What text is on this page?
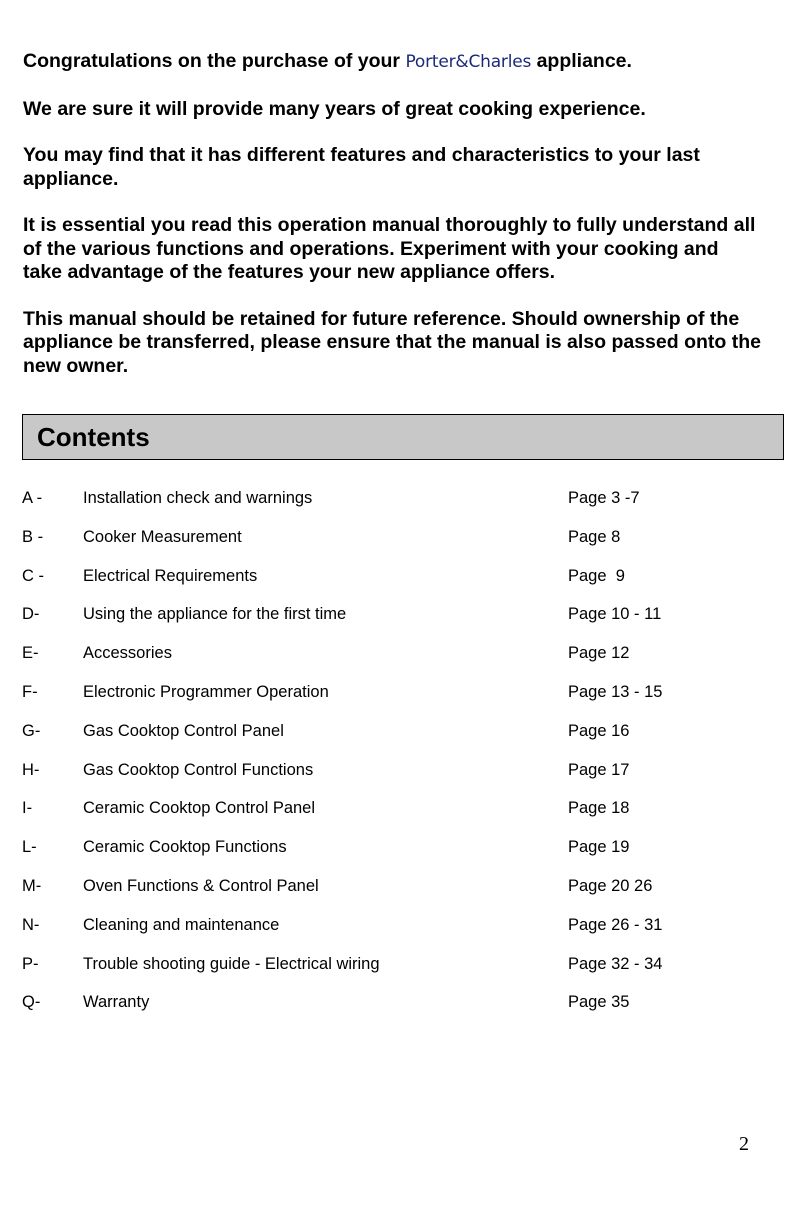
Congratulations on the purchase of your Porter&Charles appliance.

We are sure it will provide many years of great cooking experience.

You may find that it has different features and characteristics to your last appliance.

It is essential you read this operation manual thoroughly to fully understand all of the various functions and operations. Experiment with your cooking and take advantage of the features your new appliance offers.

This manual should be retained for future reference. Should ownership of the appliance be transferred, please ensure that the manual is also passed onto the new owner.

Contents
A - Installation check and warnings	Page 3 -7
B - Cooker Measurement	Page 8
C - Electrical Requirements	Page  9
D-	Using the appliance for the first time	Page 10 - 11
E-	Accessories	Page 12
F-	Electronic Programmer Operation	Page 13 - 15
G-	Gas Cooktop Control Panel	Page 16
H-	Gas Cooktop Control Functions	Page 17
I-	Ceramic Cooktop Control Panel	Page 18
L-	Ceramic Cooktop Functions	Page 19
M-	Oven Functions & Control Panel	Page 20 26
N-	Cleaning and maintenance	Page 26 - 31
P-	Trouble shooting guide - Electrical wiring	Page 32 - 34
Q-	Warranty	Page 35
2
